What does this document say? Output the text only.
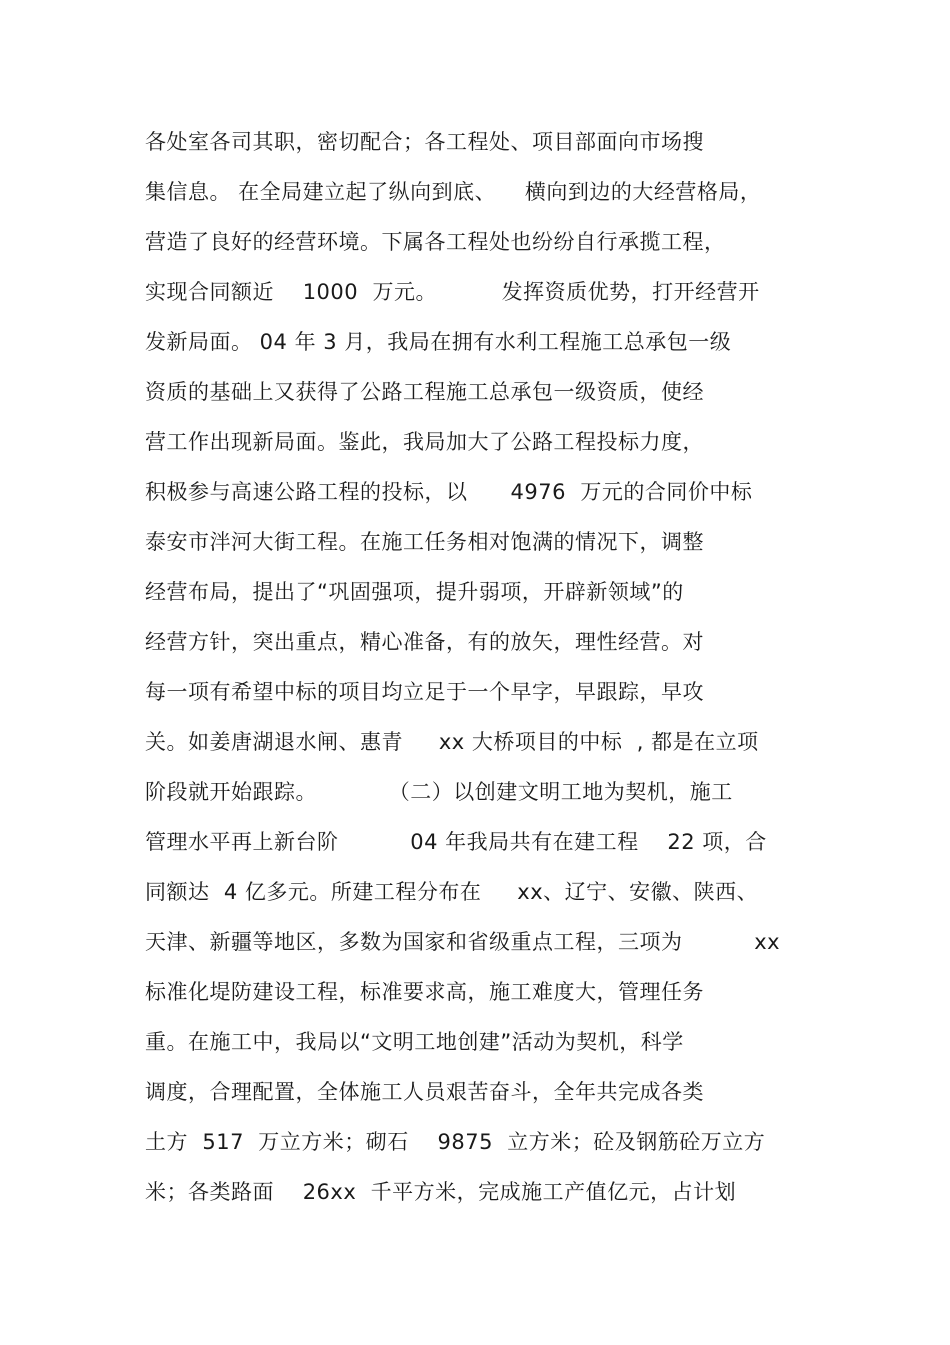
各处室各司其职，密切配合；各工程处、项目部面向市场搜
集信息。 在全局建立起了纵向到底、    横向到边的大经营格局，
营造了良好的经营环境。下属各工程处也纷纷自行承揽工程，
实现合同额近    1000  万元。         发挥资质优势，打开经营开
发新局面。 04 年 3 月，我局在拥有水利工程施工总承包一级
资质的基础上又获得了公路工程施工总承包一级资质，使经
营工作出现新局面。鉴此，我局加大了公路工程投标力度，
积极参与高速公路工程的投标，以      4976  万元的合同价中标
泰安市泮河大街工程。在施工任务相对饱满的情况下，调整
经营布局，提出了“巩固强项，提升弱项，开辟新领域”的
经营方针，突出重点，精心准备，有的放矢，理性经营。对
每一项有希望中标的项目均立足于一个早字，早跟踪，早攻
关。如姜唐湖退水闸、惠青     xx 大桥项目的中标  , 都是在立项
阶段就开始跟踪。          （二）以创建文明工地为契机，施工
管理水平再上新台阶          04 年我局共有在建工程    22 项，合
同额达  4 亿多元。所建工程分布在     xx、辽宁、安徽、陕西、
天津、新疆等地区，多数为国家和省级重点工程，三项为          xx
标准化堤防建设工程，标准要求高，施工难度大，管理任务
重。在施工中，我局以“文明工地创建”活动为契机，科学
调度，合理配置，全体施工人员艰苦奋斗，全年共完成各类
土方  517  万立方米；砌石    9875  立方米；砼及钢筋砼万立方
米；各类路面    26xx  千平方米，完成施工产值亿元，占计划
